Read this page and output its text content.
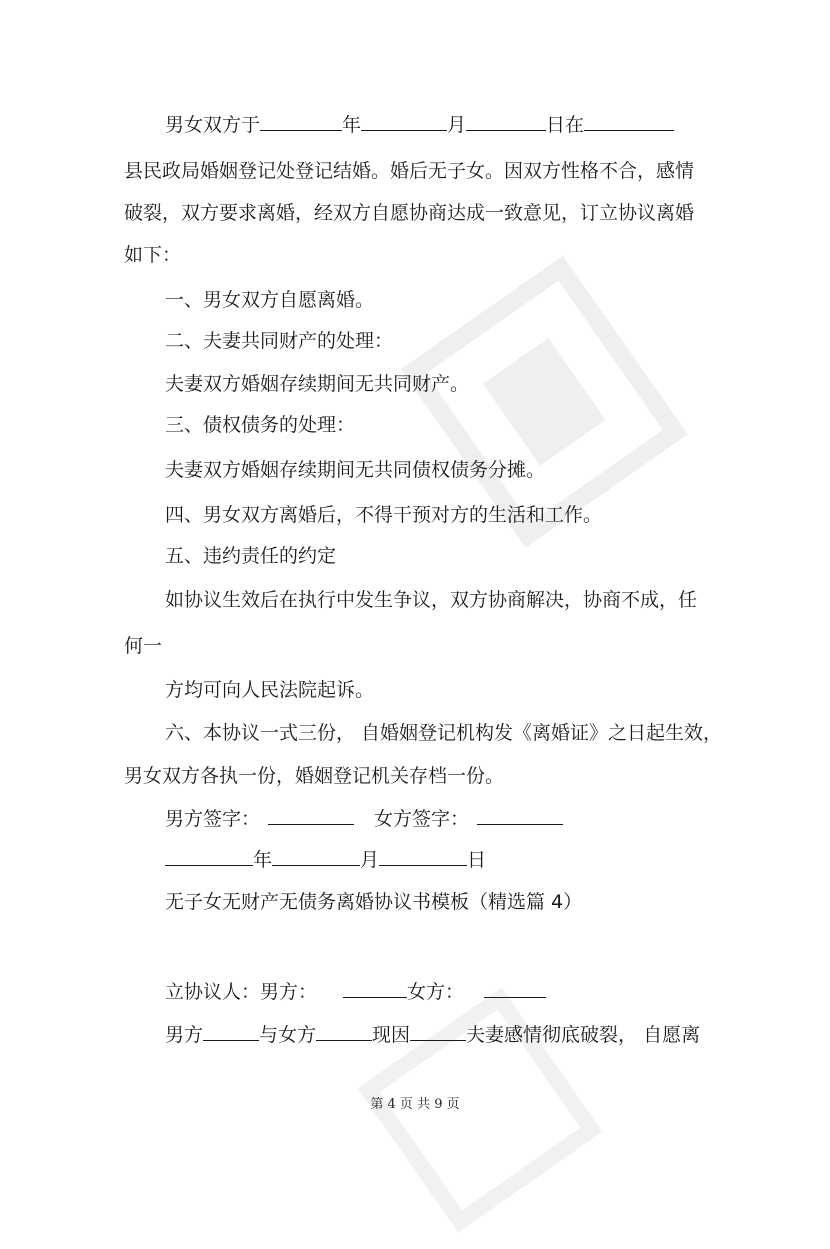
男女双方于	年	月	日在
县民政局婚姻登记处登记结婚。婚后无子女。因双方性格不合，感情
破裂，双方要求离婚，经双方自愿协商达成一致意见，订立协议离婚
如下：
一、男女双方自愿离婚。
二、夫妻共同财产的处理：
夫妻双方婚姻存续期间无共同财产。
三、债权债务的处理：
夫妻双方婚姻存续期间无共同债权债务分摊。
四、男女双方离婚后，不得干预对方的生活和工作。
五、违约责任的约定
如协议生效后在执行中发生争议，双方协商解决，协商不成，任
何一
方均可向人民法院起诉。
六、本协议一式三份， 自婚姻登记机构发《离婚证》之日起生效，
男女双方各执一份，婚姻登记机关存档一份。
男方签字：	女方签字：
年	月	日
无子女无财产无债务离婚协议书模板（精选篇 4）
立协议人：男方：	女方：
男方	与女方	现因	夫妻感情彻底破裂， 自愿离
第 4 页 共 9 页
